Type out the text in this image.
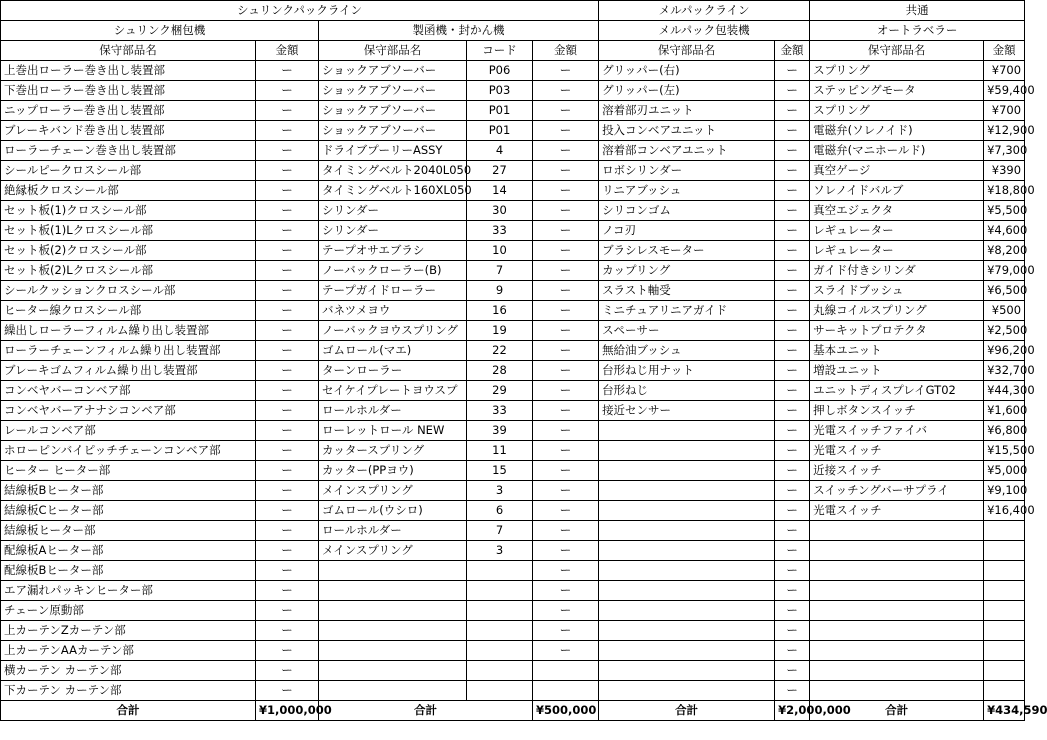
シュリンクパックライン					メルパックライン		共通	
シュリンク梱包機		製函機・封かん機			メルパック包装機		オートラベラー	
保守部品名	金額	保守部品名	コード	金額	保守部品名	金額	保守部品名	金額
上巻出ローラー巻き出し装置部	ー	ショックアブソーバー	P06	ー	グリッパー(右)	ー	スプリング	¥700
下巻出ローラー巻き出し装置部	ー	ショックアブソーバー	P03	ー	グリッパー(左)	ー	ステッピングモータ	¥59,400
ニップローラー巻き出し装置部	ー	ショックアブソーバー	P01	ー	溶着部刃ユニット	ー	スプリング	¥700
ブレーキバンド巻き出し装置部	ー	ショックアブソーバー	P01	ー	投入コンベアユニット	ー	電磁弁(ソレノイド)	¥12,900
ローラーチェーン巻き出し装置部	ー	ドライブプーリーASSY	4	ー	溶着部コンベアユニット	ー	電磁弁(マニホールド)	¥7,300
シールピークロスシール部	ー	タイミングベルト2040L050	27	ー	ロボシリンダー	ー	真空ゲージ	¥390
絶縁板クロスシール部	ー	タイミングベルト160XL050	14	ー	リニアブッシュ	ー	ソレノイドバルブ	¥18,800
セット板(1)クロスシール部	ー	シリンダー	30	ー	シリコンゴム	ー	真空エジェクタ	¥5,500
セット板(1)Lクロスシール部	ー	シリンダー	33	ー	ノコ刃	ー	レギュレーター	¥4,600
セット板(2)クロスシール部	ー	テープオサエブラシ	10	ー	ブラシレスモーター	ー	レギュレーター	¥8,200
セット板(2)Lクロスシール部	ー	ノーバックローラー(B)	7	ー	カップリング	ー	ガイド付きシリンダ	¥79,000
シールクッションクロスシール部	ー	テープガイドローラー	9	ー	スラスト軸受	ー	スライドブッシュ	¥6,500
ヒーター線クロスシール部	ー	バネツメヨウ	16	ー	ミニチュアリニアガイド	ー	丸線コイルスプリング	¥500
繰出しローラーフィルム繰り出し装置部	ー	ノーバックヨウスプリング	19	ー	スペーサー	ー	サーキットプロテクタ	¥2,500
ローラーチェーンフィルム繰り出し装置部	ー	ゴムロール(マエ)	22	ー	無給油ブッシュ	ー	基本ユニット	¥96,200
ブレーキゴムフィルム繰り出し装置部	ー	ターンローラー	28	ー	台形ねじ用ナット	ー	増設ユニット	¥32,700
コンベヤバーコンベア部	ー	セイケイプレートヨウスプ	29	ー	台形ねじ	ー	ユニットディスプレイGT02	¥44,300
コンベヤバーアナナシコンベア部	ー	ロールホルダー	33	ー	接近センサー	ー	押しボタンスイッチ	¥1,600
レールコンベア部	ー	ローレットロール NEW	39	ー		ー	光電スイッチファイバ	¥6,800
ホローピンバイピッチチェーンコンベア部	ー	カッタースプリング	11	ー		ー	光電スイッチ	¥15,500
ヒーター ヒーター部	ー	カッター(PPヨウ)	15	ー		ー	近接スイッチ	¥5,000
結線板Bヒーター部	ー	メインスプリング	3	ー		ー	スイッチングバーサプライ	¥9,100
結線板Cヒーター部	ー	ゴムロール(ウシロ)	6	ー		ー	光電スイッチ	¥16,400
結線板ヒーター部	ー	ロールホルダー	7	ー		ー		
配線板Aヒーター部	ー	メインスプリング	3	ー		ー		
配線板Bヒーター部	ー			ー		ー		
エア漏れパッキンヒーター部	ー			ー		ー		
チェーン原動部	ー			ー		ー		
上カーテンZカーテン部	ー			ー		ー		
上カーテンAAカーテン部	ー			ー		ー		
横カーテン カーテン部	ー					ー		
下カーテン カーテン部	ー					ー		
合計	¥1,000,000	合計		¥500,000	合計	¥2,000,000	合計	¥434,590
